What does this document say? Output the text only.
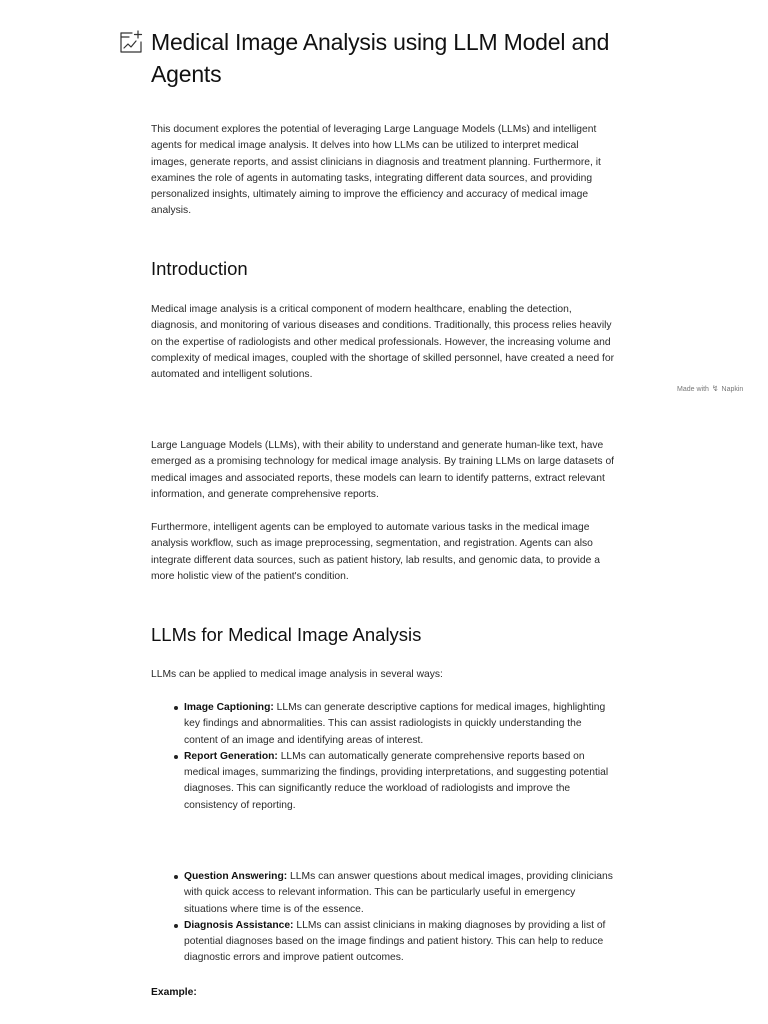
Medical Image Analysis using LLM Model and Agents

This document explores the potential of leveraging Large Language Models (LLMs) and intelligent agents for medical image analysis. It delves into how LLMs can be utilized to interpret medical images, generate reports, and assist clinicians in diagnosis and treatment planning. Furthermore, it examines the role of agents in automating tasks, integrating different data sources, and providing personalized insights, ultimately aiming to improve the efficiency and accuracy of medical image analysis.

Introduction

Medical image analysis is a critical component of modern healthcare, enabling the detection, diagnosis, and monitoring of various diseases and conditions. Traditionally, this process relies heavily on the expertise of radiologists and other medical professionals. However, the increasing volume and complexity of medical images, coupled with the shortage of skilled personnel, have created a need for automated and intelligent solutions.

Made with ↯ Napkin

Large Language Models (LLMs), with their ability to understand and generate human-like text, have emerged as a promising technology for medical image analysis. By training LLMs on large datasets of medical images and associated reports, these models can learn to identify patterns, extract relevant information, and generate comprehensive reports.

Furthermore, intelligent agents can be employed to automate various tasks in the medical image analysis workflow, such as image preprocessing, segmentation, and registration. Agents can also integrate different data sources, such as patient history, lab results, and genomic data, to provide a more holistic view of the patient's condition.

LLMs for Medical Image Analysis

LLMs can be applied to medical image analysis in several ways:

Image Captioning: LLMs can generate descriptive captions for medical images, highlighting key findings and abnormalities. This can assist radiologists in quickly understanding the content of an image and identifying areas of interest.
Report Generation: LLMs can automatically generate comprehensive reports based on medical images, summarizing the findings, providing interpretations, and suggesting potential diagnoses. This can significantly reduce the workload of radiologists and improve the consistency of reporting.
Question Answering: LLMs can answer questions about medical images, providing clinicians with quick access to relevant information. This can be particularly useful in emergency situations where time is of the essence.
Diagnosis Assistance: LLMs can assist clinicians in making diagnoses by providing a list of potential diagnoses based on the image findings and patient history. This can help to reduce diagnostic errors and improve patient outcomes.

Example:
